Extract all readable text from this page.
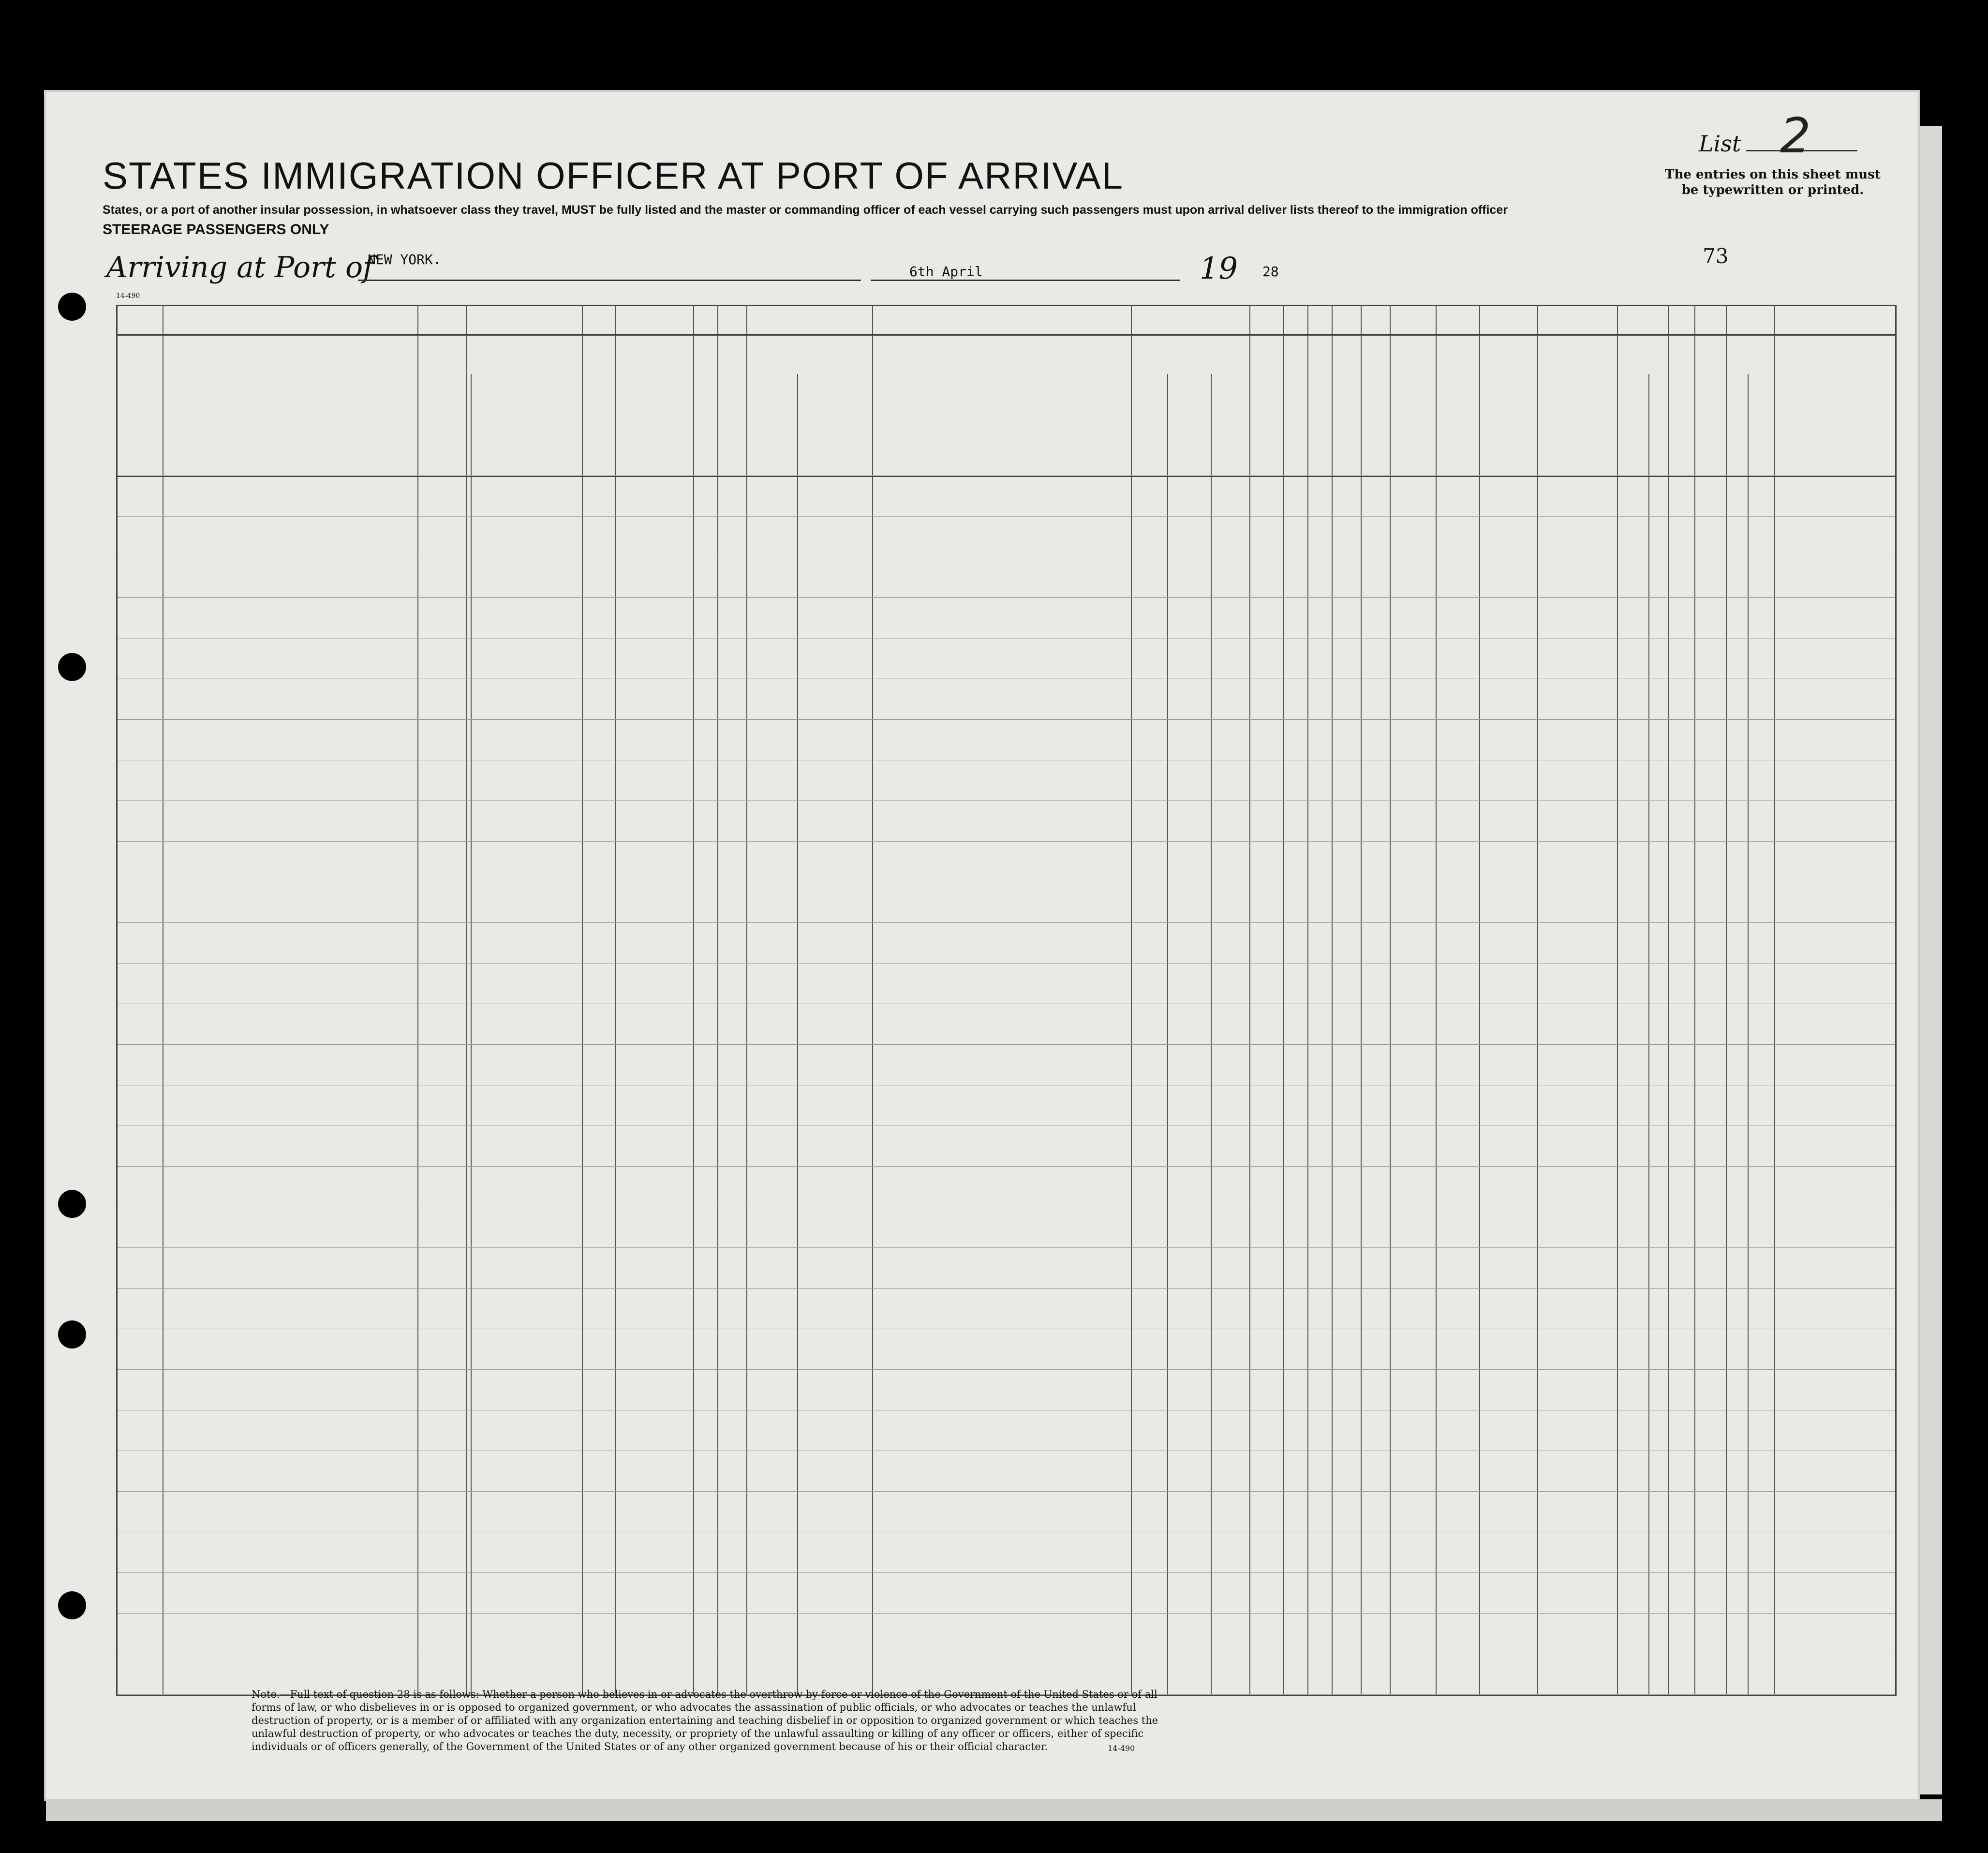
STATES IMMIGRATION OFFICER AT PORT OF ARRIVAL
States, or a port of another insular possession, in whatsoever class they travel, MUST be fully listed and the master or commanding officer of each vessel carrying such passengers must upon arrival deliver lists thereof to the immigration officer
STEERAGE PASSENGERS ONLY
Arriving at Port of
NEW YORK.
6th April	19 28
List 2
The entries on this sheet must be typewritten or printed.
73
14-490
Note.—Full text of question 28 is as follows: Whether a person who believes in or advocates the overthrow by force or violence of the Government of the United States or of all forms of law, or who disbelieves in or is opposed to organized government, or who advocates the assassination of public officials, or who advocates or teaches the unlawful destruction of property, or is a member of or affiliated with any organization entertaining and teaching disbelief in or opposition to organized government or which teaches the unlawful destruction of property, or who advocates or teaches the duty, necessity, or propriety of the unlawful assaulting or killing of any officer or officers, either of specific individuals or of officers generally, of the Government of the United States or of any other organized government because of his or their official character.	14-490
